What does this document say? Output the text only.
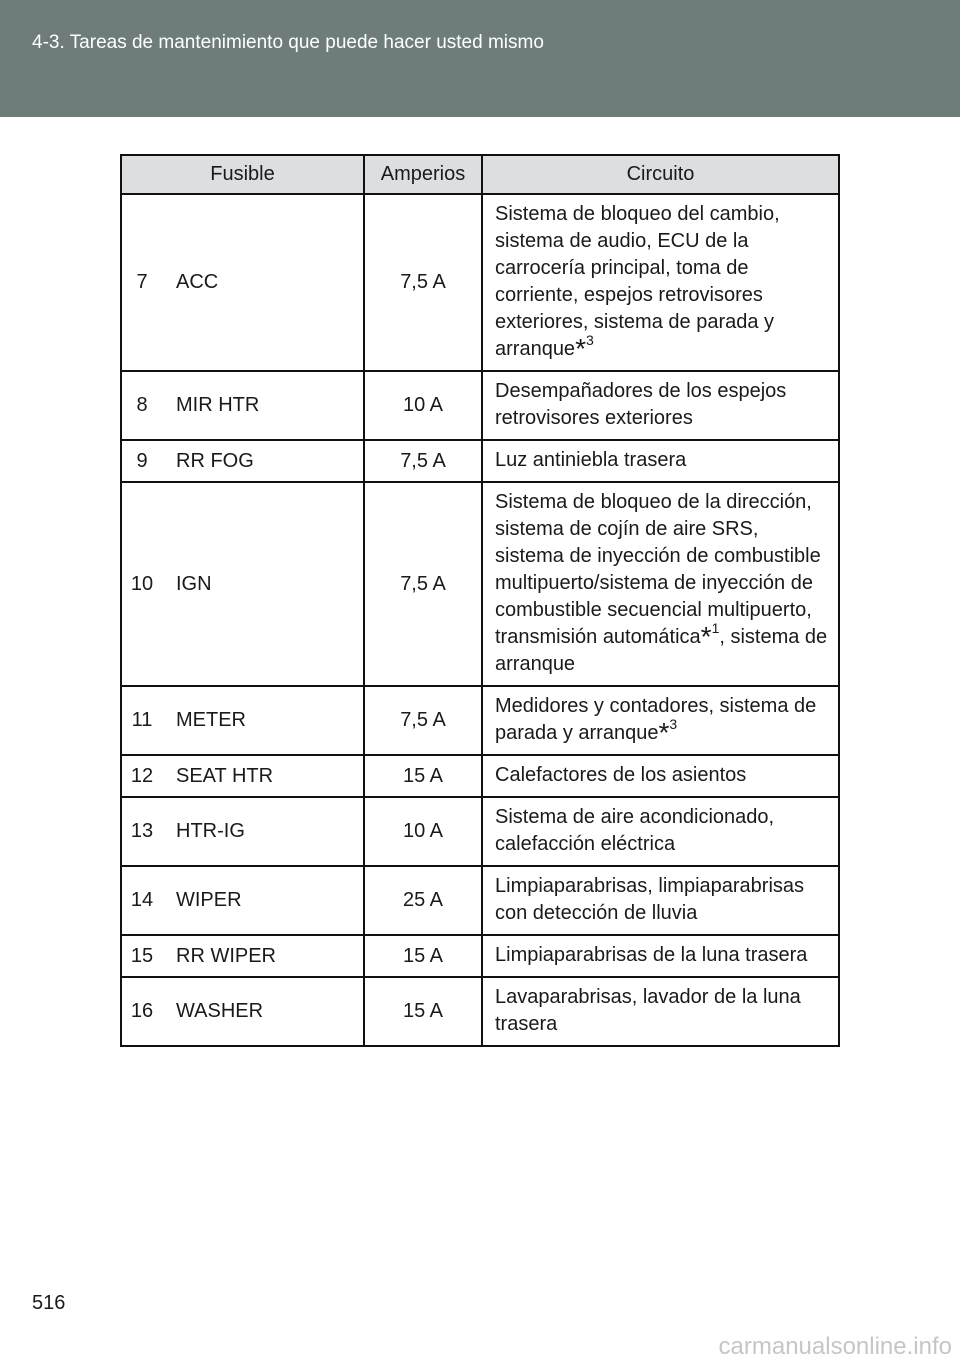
4-3. Tareas de mantenimiento que puede hacer usted mismo
Fusible		Amperios	Circuito
7	ACC	7,5 A	Sistema de bloqueo del cambio, sistema de audio, ECU de la carrocería principal, toma de corriente, espejos retrovisores exteriores, sistema de parada y arranque*$^3$
8	MIR HTR	10 A	Desempañadores de los espejos retrovisores exteriores
9	RR FOG	7,5 A	Luz antiniebla trasera
10	IGN	7,5 A	Sistema de bloqueo de la dirección, sistema de cojín de aire SRS, sistema de inyección de combustible multipuerto/sistema de inyección de combustible secuencial multipuerto, transmisión automática*$^1$, sistema de arranque
11	METER	7,5 A	Medidores y contadores, sistema de parada y arranque*$^3$
12	SEAT HTR	15 A	Calefactores de los asientos
13	HTR-IG	10 A	Sistema de aire acondicionado, calefacción eléctrica
14	WIPER	25 A	Limpiaparabrisas, limpiaparabrisas con detección de lluvia
15	RR WIPER	15 A	Limpiaparabrisas de la luna trasera
16	WASHER	15 A	Lavaparabrisas, lavador de la luna trasera
516
carmanualsonline.info
